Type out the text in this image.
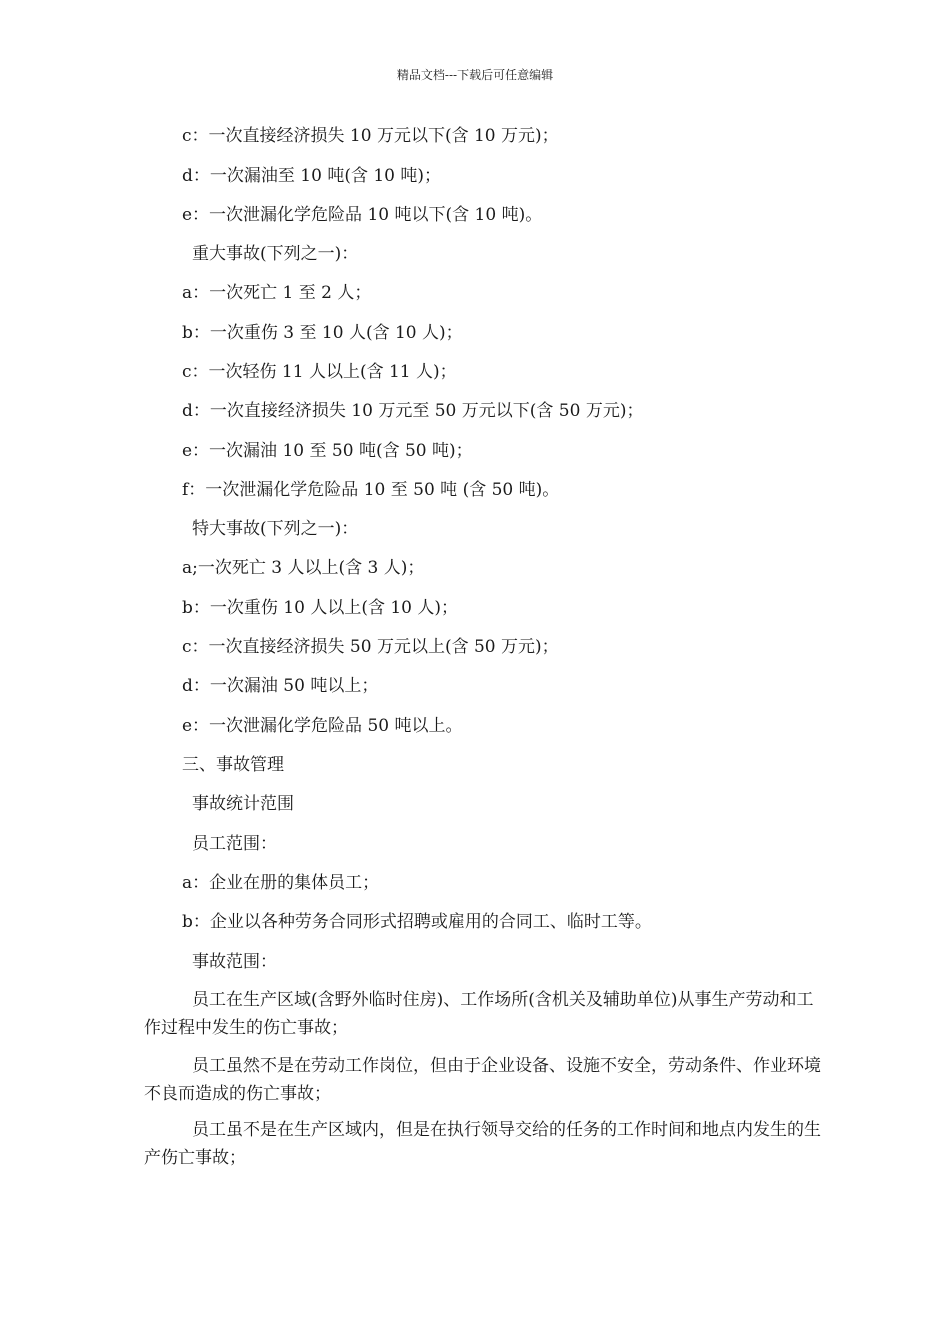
精品文档---下载后可任意编辑
c：一次直接经济损失 10 万元以下(含 10 万元)；
d：一次漏油至 10 吨(含 10 吨)；
e：一次泄漏化学危险品 10 吨以下(含 10 吨)。
重大事故(下列之一)：
a：一次死亡 1 至 2 人；
b：一次重伤 3 至 10 人(含 10 人)；
c：一次轻伤 11 人以上(含 11 人)；
d：一次直接经济损失 10 万元至 50 万元以下(含 50 万元)；
e：一次漏油 10 至 50 吨(含 50 吨)；
f：一次泄漏化学危险品 10 至 50 吨 (含 50 吨)。
特大事故(下列之一)：
a;一次死亡 3 人以上(含 3 人)；
b：一次重伤 10 人以上(含 10 人)；
c：一次直接经济损失 50 万元以上(含 50 万元)；
d：一次漏油 50 吨以上；
e：一次泄漏化学危险品 50 吨以上。
三、事故管理
事故统计范围
员工范围：
a：企业在册的集体员工；
b：企业以各种劳务合同形式招聘或雇用的合同工、临时工等。
事故范围：
员工在生产区域(含野外临时住房)、工作场所(含机关及辅助单位)从事生产劳动和工作过程中发生的伤亡事故；
员工虽然不是在劳动工作岗位，但由于企业设备、设施不安全，劳动条件、作业环境不良而造成的伤亡事故；
员工虽不是在生产区域内，但是在执行领导交给的任务的工作时间和地点内发生的生产伤亡事故；
